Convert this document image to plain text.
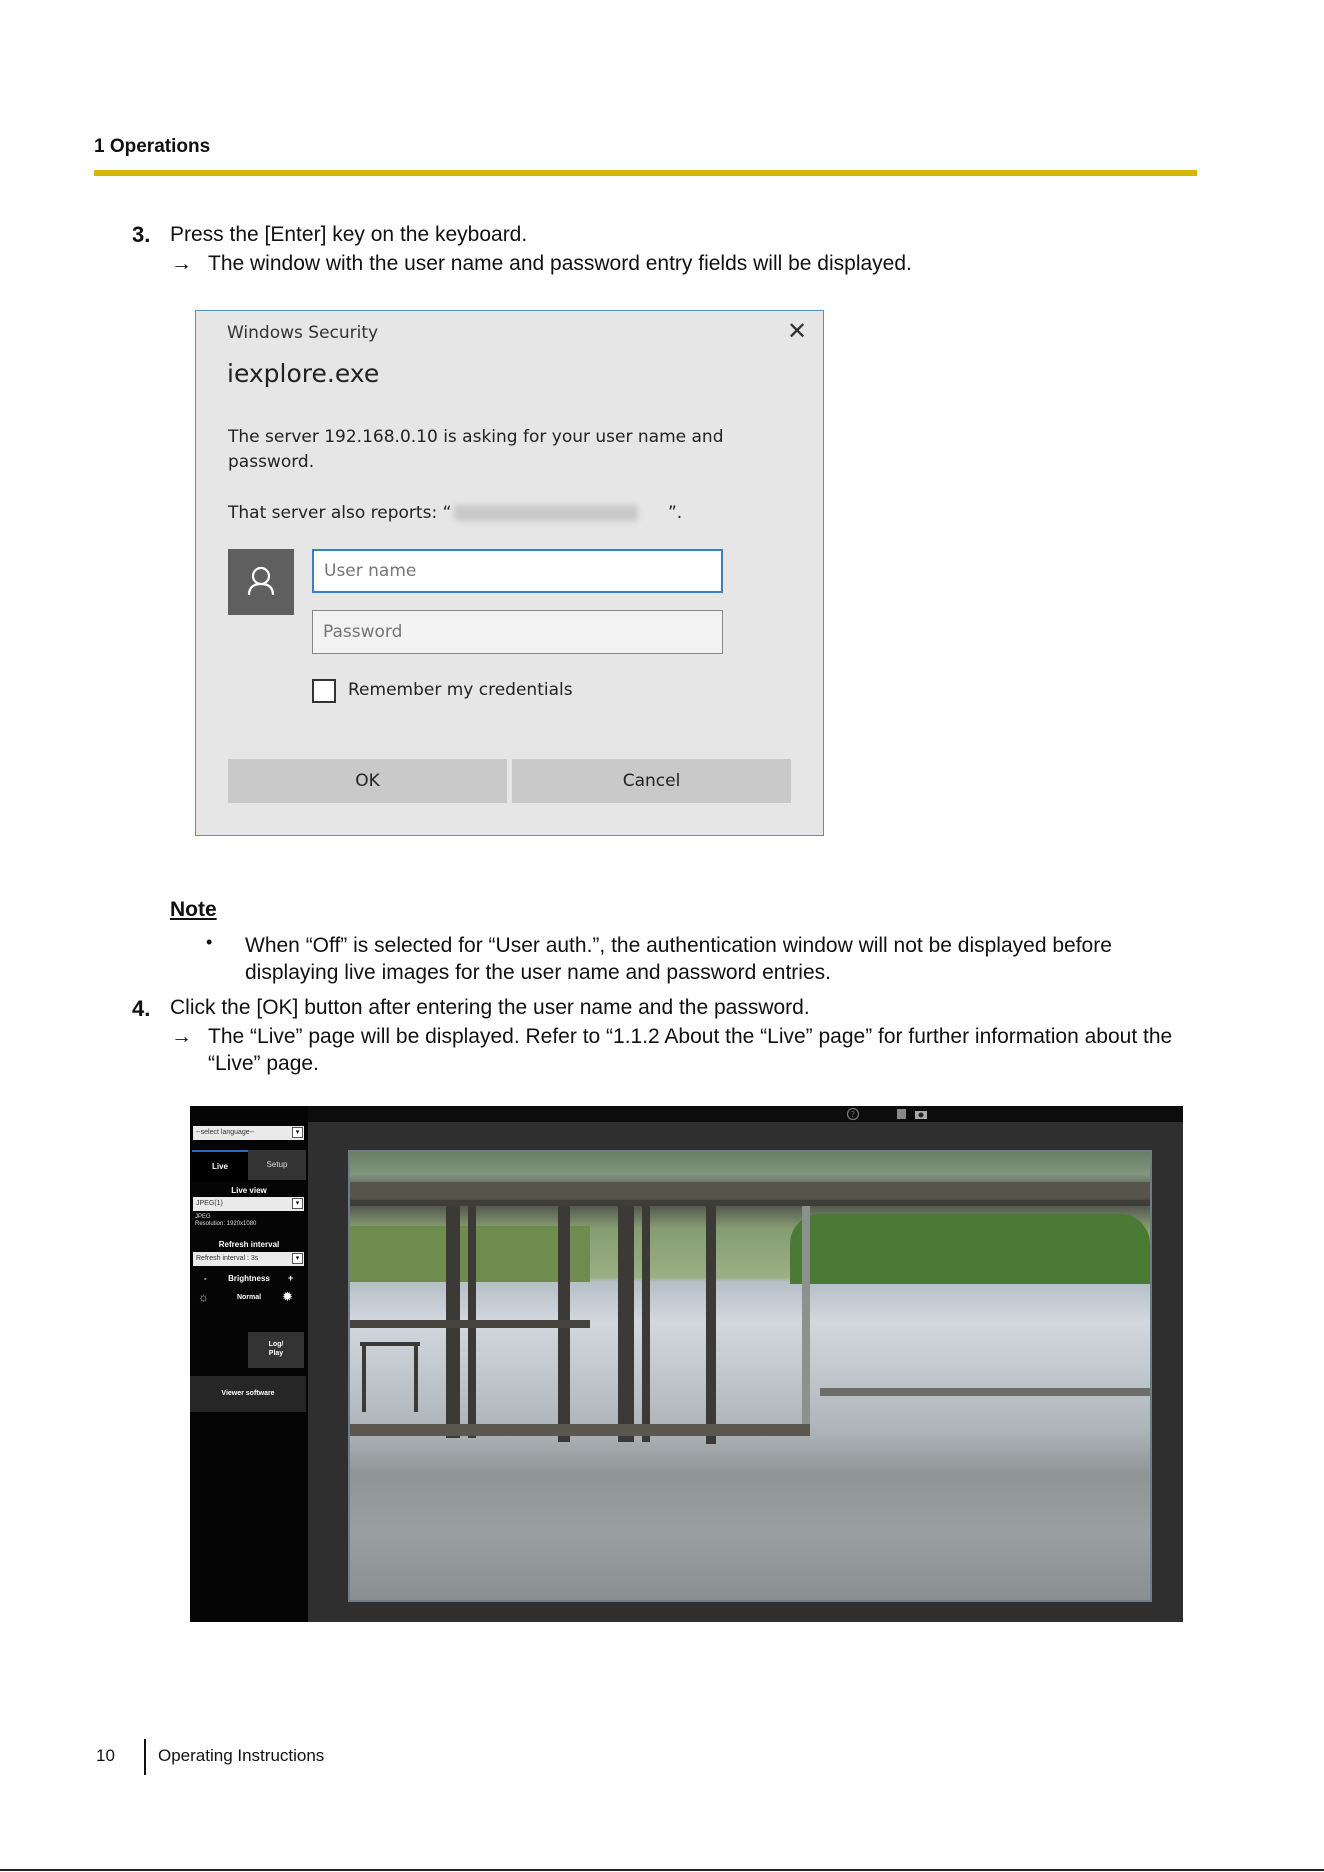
1 Operations
3. Press the [Enter] key on the keyboard.
→ The window with the user name and password entry fields will be displayed.
Windows Security	✕
iexplore.exe
The server 192.168.0.10 is asking for your user name and password.
That server also reports: “	”.
User name
Remember my credentials
OK	Cancel
Note
• When “Off” is selected for “User auth.”, the authentication window will not be displayed before displaying live images for the user name and password entries.
4. Click the [OK] button after entering the user name and the password.
→ The “Live” page will be displayed. Refer to “1.1.2 About the “Live” page” for further information about the “Live” page.
?
--select language--	▾
Live	Setup
Live view
JPEG(1)	▾
JPEG
Resolution: 1920x1080
Refresh interval
Refresh interval : 3s	▾
-	Brightness	+
☼	Normal	✹
Log/
Play
Viewer software
10	Operating Instructions
